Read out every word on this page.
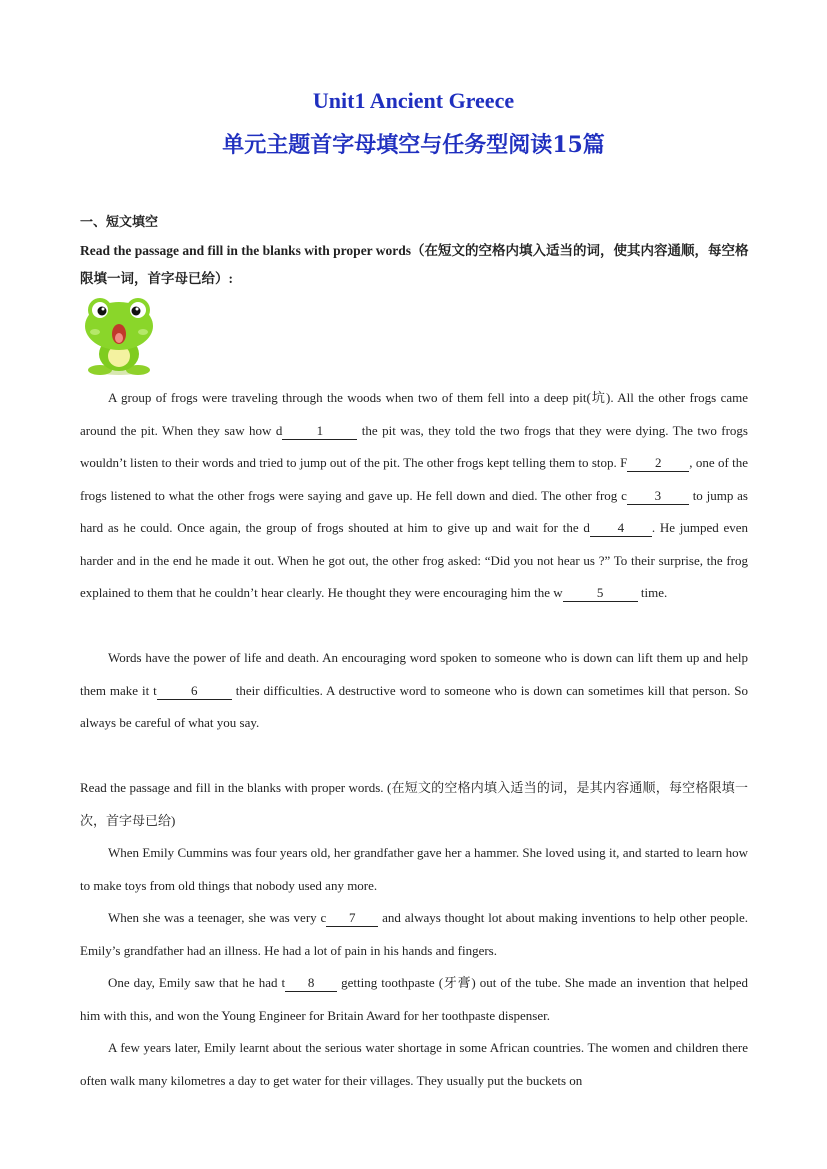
Unit1 Ancient Greece
单元主题首字母填空与任务型阅读15篇
一、短文填空
Read the passage and fill in the blanks with proper words（在短文的空格内填入适当的词，使其内容通顺，每空格限填一词，首字母已给）:
A group of frogs were traveling through the woods when two of them fell into a deep pit(坑). All the other frogs came around the pit. When they saw how d	1	the pit was, they told the two frogs that they were dying. The two frogs wouldn’t listen to their words and tried to jump out of the pit. The other frogs kept telling them to stop. F 2 , one of the frogs listened to what the other frogs were saying and gave up. He fell down and died. The other frog c 3 to jump as hard as he could. Once again, the group of frogs shouted at him to give up and wait for the d 4 . He jumped even harder and in the end he made it out. When he got out, the other frog asked: “Did you not hear us ?” To their surprise, the frog explained to them that he couldn’t hear clearly. He thought they were encouraging him the w	5	time.
Words have the power of life and death. An encouraging word spoken to someone who is down can lift them up and help them make it t	6	their difficulties. A destructive word to someone who is down can sometimes kill that person. So always be careful of what you say.
Read the passage and fill in the blanks with proper words. (在短文的空格内填入适当的词，是其内容通顺，每空格限填一次，首字母已给)
When Emily Cummins was four years old, her grandfather gave her a hammer. She loved using it, and started to learn how to make toys from old things that nobody used any more.
When she was a teenager, she was very c 7 and always thought lot about making inventions to help other people. Emily’s grandfather had an illness. He had a lot of pain in his hands and fingers.
One day, Emily saw that he had t 8 getting toothpaste (牙膏) out of the tube. She made an invention that helped him with this, and won the Young Engineer for Britain Award for her toothpaste dispenser.
A few years later, Emily learnt about the serious water shortage in some African countries. The women and children there often walk many kilometres a day to get water for their villages. They usually put the buckets on
